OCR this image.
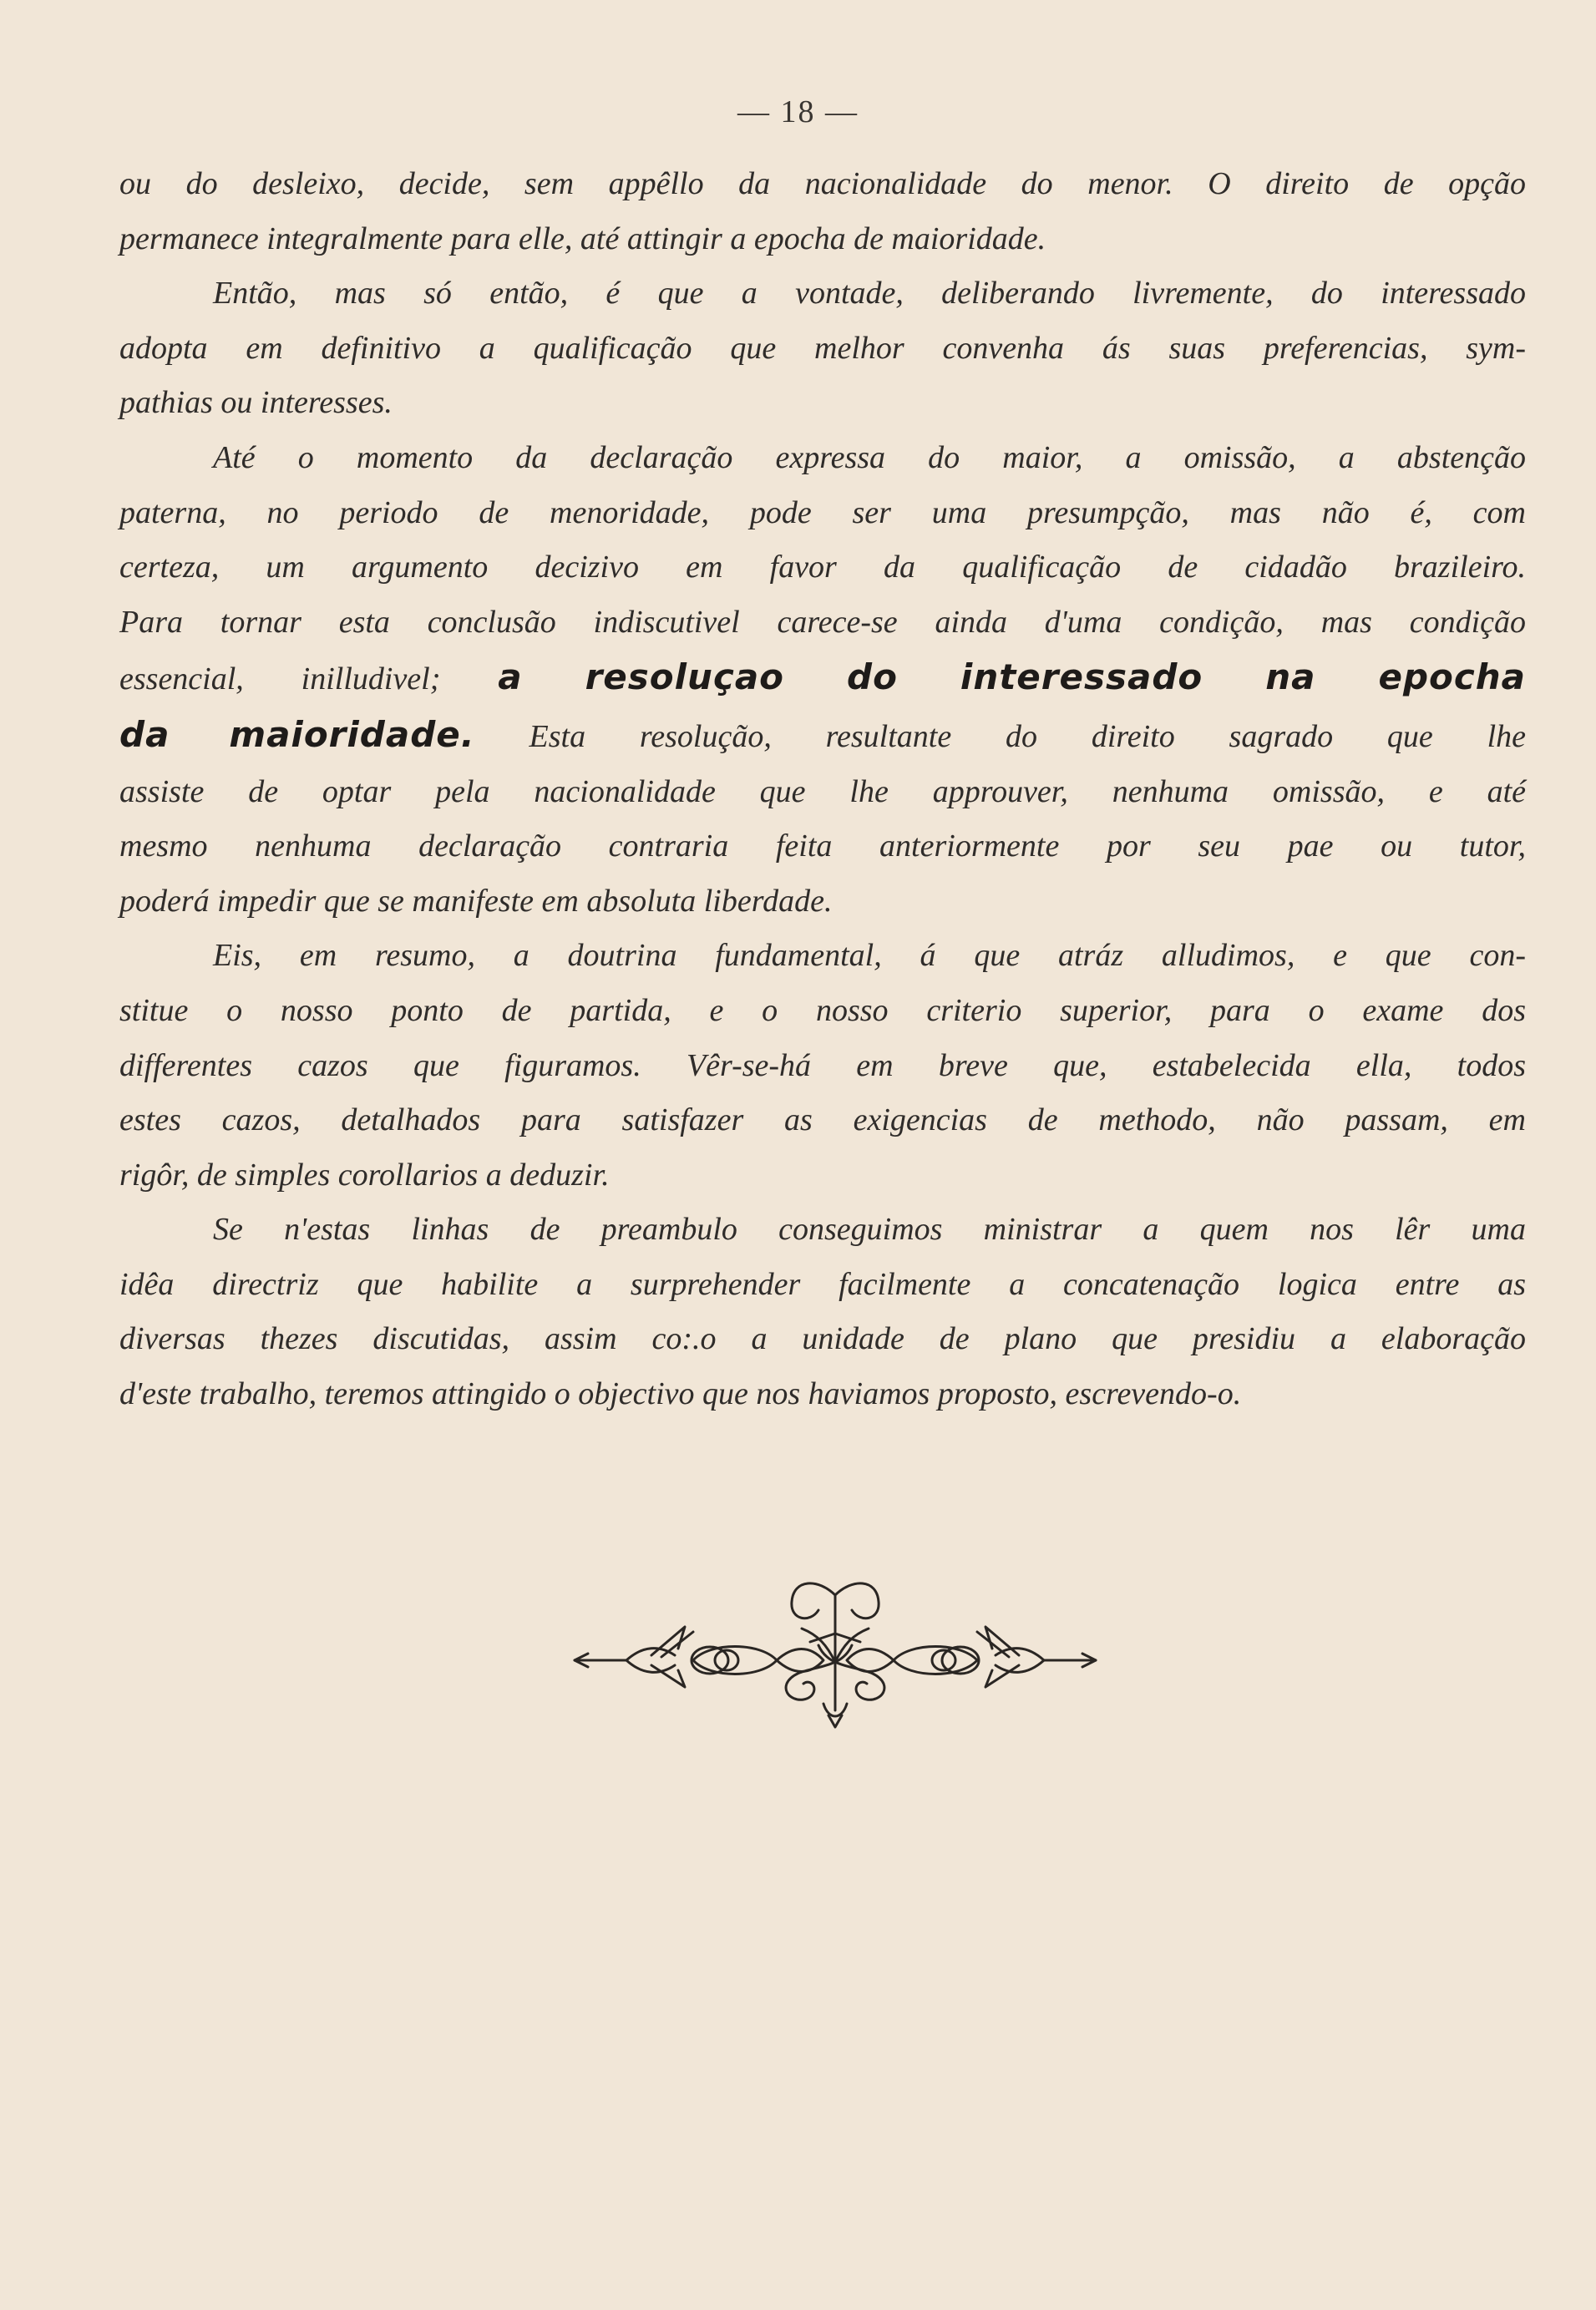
— 18 —

ou do desleixo, decide, sem appêllo da nacionalidade do menor. O direito de opção
permanece integralmente para elle, até attingir a epocha de maioridade.

Então, mas só então, é que a vontade, deliberando livremente, do interessado
adopta em definitivo a qualificação que melhor convenha ás suas preferencias, sym-
pathias ou interesses.

Até o momento da declaração expressa do maior, a omissão, a abstenção
paterna, no periodo de menoridade, pode ser uma presumpção, mas não é, com
certeza, um argumento decizivo em favor da qualificação de cidadão brazileiro.
Para tornar esta conclusão indiscutivel carece-se ainda d'uma condição, mas condição
essencial, inilludivel; a resoluçao do interessado na epocha
da maioridade. Esta resolução, resultante do direito sagrado que lhe
assiste de optar pela nacionalidade que lhe approuver, nenhuma omissão, e até
mesmo nenhuma declaração contraria feita anteriormente por seu pae ou tutor,
poderá impedir que se manifeste em absoluta liberdade.

Eis, em resumo, a doutrina fundamental, á que atráz alludimos, e que con-
stitue o nosso ponto de partida, e o nosso criterio superior, para o exame dos
differentes cazos que figuramos. Vêr-se-há em breve que, estabelecida ella, todos
estes cazos, detalhados para satisfazer as exigencias de methodo, não passam, em
rigôr, de simples corollarios a deduzir.

Se n'estas linhas de preambulo conseguimos ministrar a quem nos lêr uma
idêa directriz que habilite a surprehender facilmente a concatenação logica entre as
diversas thezes discutidas, assim co:.o a unidade de plano que presidiu a elaboração
d'este trabalho, teremos attingido o objectivo que nos haviamos proposto, escrevendo-o.
